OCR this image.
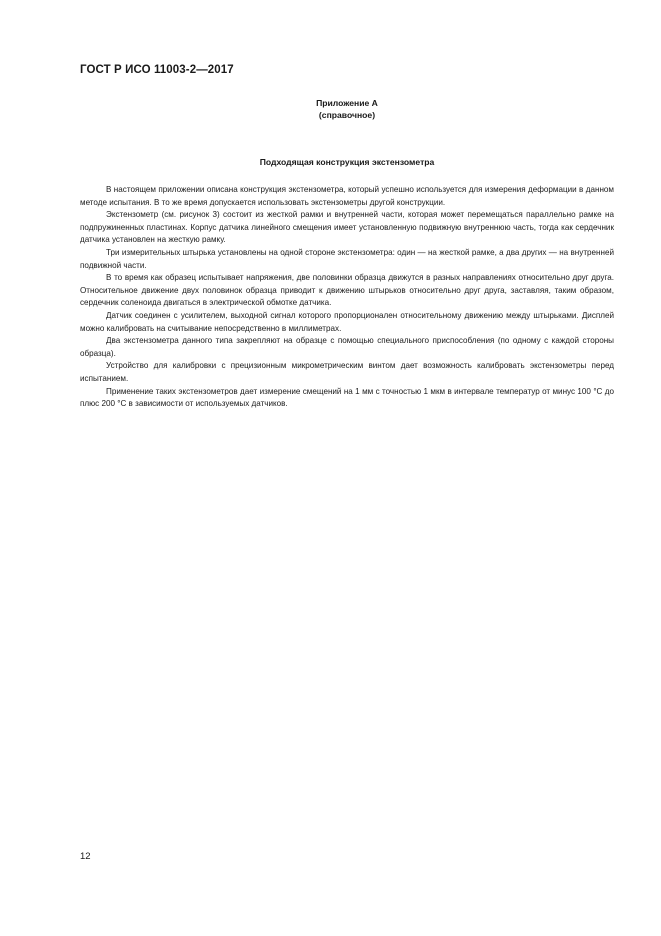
ГОСТ Р ИСО 11003-2—2017
Приложение А
(справочное)
Подходящая конструкция экстензометра

В настоящем приложении описана конструкция экстензометра, который успешно используется для измерения деформации в данном методе испытания. В то же время допускается использовать экстензометры другой конструкции.

Экстензометр (см. рисунок 3) состоит из жесткой рамки и внутренней части, которая может перемещаться параллельно рамке на подпружиненных пластинах. Корпус датчика линейного смещения имеет установленную подвижную внутреннюю часть, тогда как сердечник датчика установлен на жесткую рамку.

Три измерительных штырька установлены на одной стороне экстензометра: один — на жесткой рамке, а два других — на внутренней подвижной части.

В то время как образец испытывает напряжения, две половинки образца движутся в разных направлениях относительно друг друга. Относительное движение двух половинок образца приводит к движению штырьков относительно друг друга, заставляя, таким образом, сердечник соленоида двигаться в электрической обмотке датчика.

Датчик соединен с усилителем, выходной сигнал которого пропорционален относительному движению между штырьками. Дисплей можно калибровать на считывание непосредственно в миллиметрах.

Два экстензометра данного типа закрепляют на образце с помощью специального приспособления (по одному с каждой стороны образца).

Устройство для калибровки с прецизионным микрометрическим винтом дает возможность калибровать экстензометры перед испытанием.

Применение таких экстензометров дает измерение смещений на 1 мм с точностью 1 мкм в интервале температур от минус 100 °С до плюс 200 °С в зависимости от используемых датчиков.

12
